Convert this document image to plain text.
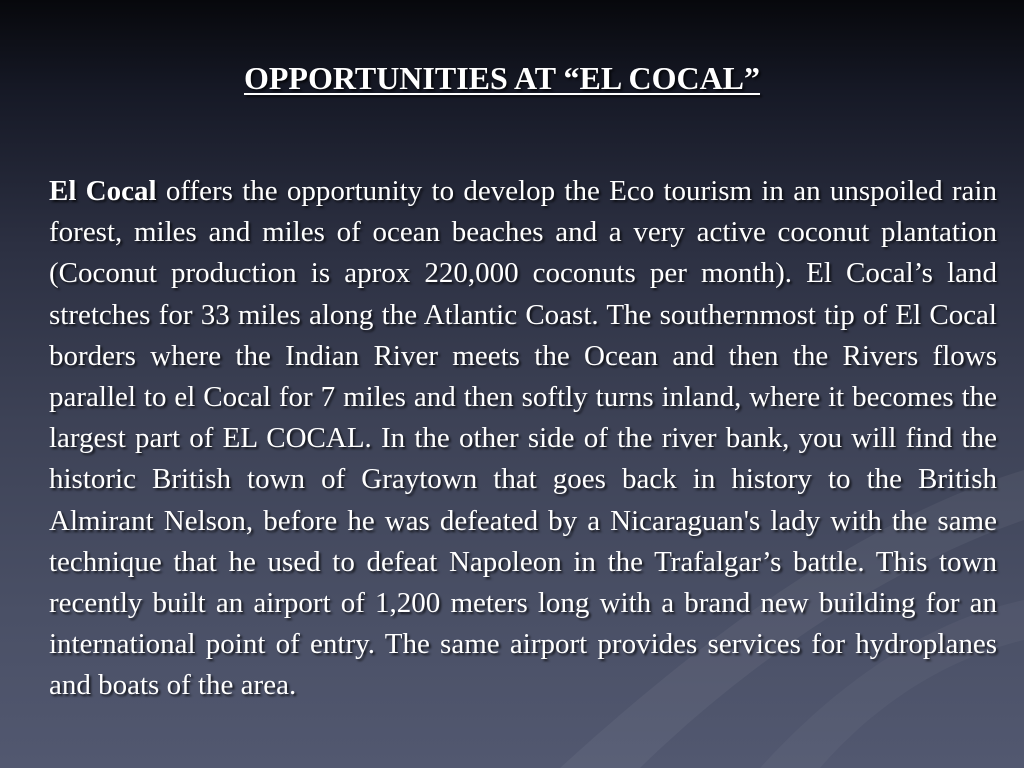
OPPORTUNITIES AT “EL COCAL”

El Cocal offers the opportunity to develop the Eco tourism in an unspoiled rain forest, miles and miles of ocean beaches and a very active coconut plantation (Coconut production is aprox 220,000 coconuts per month). El Cocal’s land stretches for 33 miles along the Atlantic Coast. The southernmost tip of El Cocal borders where the Indian River meets the Ocean and then the Rivers flows parallel to el Cocal for 7 miles and then softly turns inland, where it becomes the largest part of EL COCAL. In the other side of the river bank, you will find the historic British town of Graytown that goes back in history to the British Almirant Nelson, before he was defeated by a Nicaraguan's lady with the same technique that he used to defeat Napoleon in the Trafalgar’s battle. This town recently built an airport of 1,200 meters long with a brand new building for an international point of entry. The same airport provides services for hydroplanes and boats of the area.
